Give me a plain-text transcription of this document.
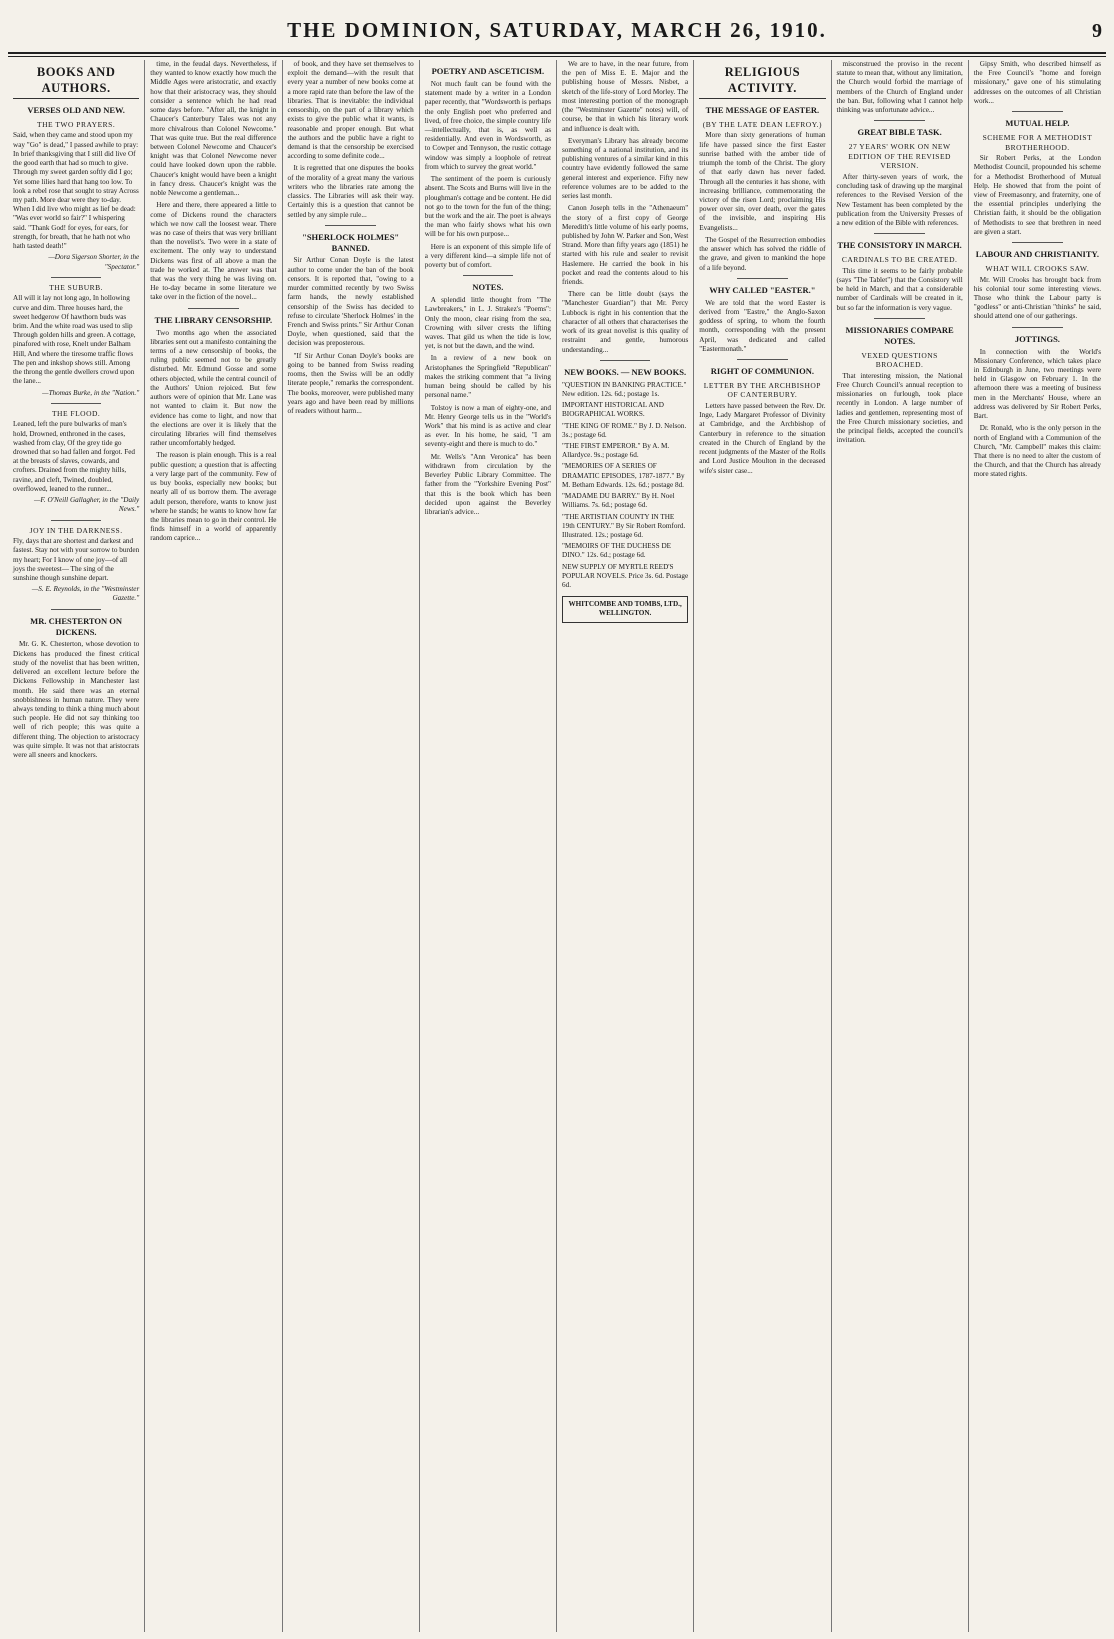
THE DOMINION, SATURDAY, MARCH 26, 1910.	9
BOOKS AND AUTHORS.
VERSES OLD AND NEW.
THE TWO PRAYERS.

Said, when they came and stood upon my way "Go" is dead," I passed awhile to pray: In brief thanksgiving that I still did live Of the good earth that had so much to give. Through my sweet garden softly did I go; Yet some lilies hard that hang too low. To look a rebel rose that sought to stray Across my path. More dear were they to-day. When I did live who might as lief be dead: "Was ever world so fair?" I whispering said. "Thank God! for eyes, for ears, for strength, for breath, that he hath not who hath tasted death!"

—Dora Sigerson Shorter, in the "Spectator."
THE SUBURB.

All will it lay not long ago, In hollowing curve and dim. Three houses hard, the sweet hedgerow Of hawthorn buds was brim. And the white road was used to slip Through golden hills and green. A cottage, pinafored with rose, Knelt under Balham Hill, And where the tiresome traffic flows The pen and inkshop shows still. Among the throng the gentle dwellers crowd upon the lane...

—Thomas Burke, in the "Nation."
THE FLOOD.

Leaned, left the pure bulwarks of man's hold, Drowned, enthroned in the cases, washed from clay, Of the grey tide go drowned that so had fallen and forgot. Fed at the breasts of slaves, cowards, and crofters. Drained from the mighty hills, ravine, and cleft, Twined, doubled, overflowed, leaned to the runner...

—F. O'Neill Gallagher, in the "Daily News."
JOY IN THE DARKNESS.

Fly, days that are shortest and darkest and fastest. Stay not with your sorrow to burden my heart; For I know of one joy—of all joys the sweetest— The sing of the sunshine though sunshine depart.

—S. E. Reynolds, in the "Westminster Gazette."
MR. CHESTERTON ON DICKENS.

Mr. G. K. Chesterton, whose devotion to Dickens has produced the finest critical study of the novelist that has been written, delivered an excellent lecture before the Dickens Fellowship in Manchester last month. He said there was an eternal snobbishness in human nature. They were always tending to think a thing much about such people. He did not say thinking too well of rich people; this was quite a different thing. The objection to aristocracy was quite simple. It was not that aristocrats were all sneers and knockers.

time, in the feudal days. Nevertheless, if they wanted to know exactly how much the Middle Ages were aristocratic, and exactly how that their aristocracy was, they should consider a sentence which he had read some days before. "After all, the knight in Chaucer's Canterbury Tales was not any more chivalrous than Colonel Newcome." That was quite true. But the real difference between Colonel Newcome and Chaucer's knight was that Colonel Newcome never could have looked down upon the rabble. Chaucer's knight would have been a knight in fancy dress. Chaucer's knight was the noble Newcome a gentleman...

Here and there, there appeared a little to come of Dickens round the characters which we now call the loosest wear. There was no case of theirs that was very brilliant than the novelist's. Two were in a state of excitement. The only way to understand Dickens was first of all above a man the trade he worked at. The answer was that that was the very thing he was living on. He to-day became in some literature we take over in the fiction of the novel...

THE LIBRARY CENSORSHIP.

Two months ago when the associated libraries sent out a manifesto containing the terms of a new censorship of books, the ruling public seemed not to be greatly disturbed. Mr. Edmund Gosse and some others objected, while the central council of the Authors' Union rejoiced. But few authors were of opinion that Mr. Lane was not wanted to claim it. But now the evidence has come to light, and now that the elections are over it is likely that the circulating libraries will find themselves rather uncomfortably hedged.

The reason is plain enough. This is a real public question; a question that is affecting a very large part of the community. Few of us buy books, especially new books; but nearly all of us borrow them. The average adult person, therefore, wants to know just where he stands; he wants to know how far the libraries mean to go in their control. He finds himself in a world of apparently random caprice...

of book, and they have set themselves to exploit the demand—with the result that every year a number of new books come at a more rapid rate than before the law of the libraries. That is inevitable: the individual censorship, on the part of a library which exists to give the public what it wants, is reasonable and proper enough. But what the authors and the public have a right to demand is that the censorship be exercised according to some definite code...

It is regretted that one disputes the books of the morality of a great many the various writers who the libraries rate among the classics. The Libraries will ask their way. Certainly this is a question that cannot be settled by any simple rule...

"SHERLOCK HOLMES" BANNED.

Sir Arthur Conan Doyle is the latest author to come under the ban of the book censors. It is reported that, "owing to a murder committed recently by two Swiss farm hands, the newly established censorship of the Swiss has decided to refuse to circulate 'Sherlock Holmes' in the French and Swiss prints." Sir Arthur Conan Doyle, when questioned, said that the decision was preposterous.

"If Sir Arthur Conan Doyle's books are going to be banned from Swiss reading rooms, then the Swiss will be an oddly literate people," remarks the correspondent. The books, moreover, were published many years ago and have been read by millions of readers without harm...

POETRY AND ASCETICISM.

Not much fault can be found with the statement made by a writer in a London paper recently, that "Wordsworth is perhaps the only English poet who preferred and lived, of free choice, the simple country life—intellectually, that is, as well as residentially. And even in Wordsworth, as to Cowper and Tennyson, the rustic cottage window was simply a loophole of retreat from which to survey the great world."

The sentiment of the poem is curiously absent. The Scots and Burns will live in the ploughman's cottage and be content. He did not go to the town for the fun of the thing; but the work and the air. The poet is always the man who fairly shows what his own will be for his own purpose...

Here is an exponent of this simple life of a very different kind—a simple life not of poverty but of comfort.

NOTES.

A splendid little thought from "The Lawbreakers," in L. J. Strakez's "Poems": Only the moon, clear rising from the sea, Crowning with silver crests the lifting waves. That gild us when the tide is low, yet, is not but the dawn, and the wind.

In a review of a new book on Aristophanes the Springfield "Republican" makes the striking comment that "a living human being should be called by his personal name."

Tolstoy is now a man of eighty-one, and Mr. Henry George tells us in the "World's Work" that his mind is as active and clear as ever. In his home, he said, "I am seventy-eight and there is much to do."

Mr. Wells's "Ann Veronica" has been withdrawn from circulation by the Beverley Public Library Committee. The father from the "Yorkshire Evening Post" that this is the book which has been decided upon against the Beverley librarian's advice...

We are to have, in the near future, from the pen of Miss E. E. Major and the publishing house of Messrs. Nisbet, a sketch of the life-story of Lord Morley. The most interesting portion of the monograph (the "Westminster Gazette" notes) will, of course, be that in which his literary work and influence is dealt with.

Everyman's Library has already become something of a national institution, and its publishing ventures of a similar kind in this country have evidently followed the same general interest and experience. Fifty new reference volumes are to be added to the series last month.

Canon Joseph tells in the "Athenaeum" the story of a first copy of George Meredith's little volume of his early poems, published by John W. Parker and Son, West Strand. More than fifty years ago (1851) he started with his rule and sealer to revisit Haslemere. He carried the book in his pocket and read the contents aloud to his friends.

There can be little doubt (says the "Manchester Guardian") that Mr. Percy Lubbock is right in his contention that the character of all others that characterises the work of its great novelist is this quality of restraint and gentle, humorous understanding...

NEW BOOKS. — NEW BOOKS.

"QUESTION IN BANKING PRACTICE." New edition. 12s. 6d.; postage 1s.

IMPORTANT HISTORICAL AND BIOGRAPHICAL WORKS.

"THE KING OF ROME." By J. D. Nelson. 3s.; postage 6d.

"THE FIRST EMPEROR." By A. M. Allardyce. 9s.; postage 6d.

"MEMORIES OF A SERIES OF DRAMATIC EPISODES, 1787-1877." By M. Betham Edwards. 12s. 6d.; postage 8d.

"MADAME DU BARRY." By H. Noel Williams. 7s. 6d.; postage 6d.

"THE ARTISTIAN COUNTY IN THE 19th CENTURY." By Sir Robert Romford. Illustrated. 12s.; postage 6d.

"MEMOIRS OF THE DUCHESS DE DINO." 12s. 6d.; postage 6d.

NEW SUPPLY OF MYRTLE REED'S POPULAR NOVELS. Price 3s. 6d. Postage 6d.

WHITCOMBE AND TOMBS, LTD., WELLINGTON.
RELIGIOUS ACTIVITY.
THE MESSAGE OF EASTER.
(BY THE LATE DEAN LEFROY.)

More than sixty generations of human life have passed since the first Easter sunrise bathed with the amber tide of triumph the tomb of the Christ. The glory of that early dawn has never faded. Through all the centuries it has shone, with increasing brilliance, commemorating the victory of the risen Lord; proclaiming His power over sin, over death, over the gates of the invisible, and inspiring His Evangelists...

The Gospel of the Resurrection embodies the answer which has solved the riddle of the grave, and given to mankind the hope of a life beyond.

WHY CALLED "EASTER."

We are told that the word Easter is derived from "Eastre," the Anglo-Saxon goddess of spring, to whom the fourth month, corresponding with the present April, was dedicated and called "Eastermonath."

RIGHT OF COMMUNION.
LETTER BY THE ARCHBISHOP OF CANTERBURY.

Letters have passed between the Rev. Dr. Inge, Lady Margaret Professor of Divinity at Cambridge, and the Archbishop of Canterbury in reference to the situation created in the Church of England by the recent judgments of the Master of the Rolls and Lord Justice Moulton in the deceased wife's sister case...

misconstrued the proviso in the recent statute to mean that, without any limitation, the Church would forbid the marriage of members of the Church of England under the ban. But, following what I cannot help thinking was unfortunate advice...

GREAT BIBLE TASK.
27 YEARS' WORK ON NEW EDITION OF THE REVISED VERSION.

After thirty-seven years of work, the concluding task of drawing up the marginal references to the Revised Version of the New Testament has been completed by the publication from the University Presses of a new edition of the Bible with references.

THE CONSISTORY IN MARCH.
CARDINALS TO BE CREATED.

This time it seems to be fairly probable (says "The Tablet") that the Consistory will be held in March, and that a considerable number of Cardinals will be created in it, but so far the information is very vague.

MISSIONARIES COMPARE NOTES.
VEXED QUESTIONS BROACHED.

That interesting mission, the National Free Church Council's annual reception to missionaries on furlough, took place recently in London. A large number of ladies and gentlemen, representing most of the Free Church missionary societies, and the principal fields, accepted the council's invitation.

Gipsy Smith, who described himself as the Free Council's "home and foreign missionary," gave one of his stimulating addresses on the outcomes of all Christian work...

MUTUAL HELP.
SCHEME FOR A METHODIST BROTHERHOOD.

Sir Robert Perks, at the London Methodist Council, propounded his scheme for a Methodist Brotherhood of Mutual Help. He showed that from the point of view of Freemasonry, and fraternity, one of the essential principles underlying the Christian faith, it should be the obligation of Methodists to see that brethren in need are given a start.

LABOUR AND CHRISTIANITY.
WHAT WILL CROOKS SAW.

Mr. Will Crooks has brought back from his colonial tour some interesting views. Those who think the Labour party is "godless" or anti-Christian "thinks" he said, should attend one of our gatherings.

JOTTINGS.

In connection with the World's Missionary Conference, which takes place in Edinburgh in June, two meetings were held in Glasgow on February 1. In the afternoon there was a meeting of business men in the Merchants' House, where an address was delivered by Sir Robert Perks, Bart.

Dr. Ronald, who is the only person in the north of England with a Communion of the Church, "Mr. Campbell" makes this claim: That there is no need to alter the custom of the Church, and that the Church has already more stated rights.
